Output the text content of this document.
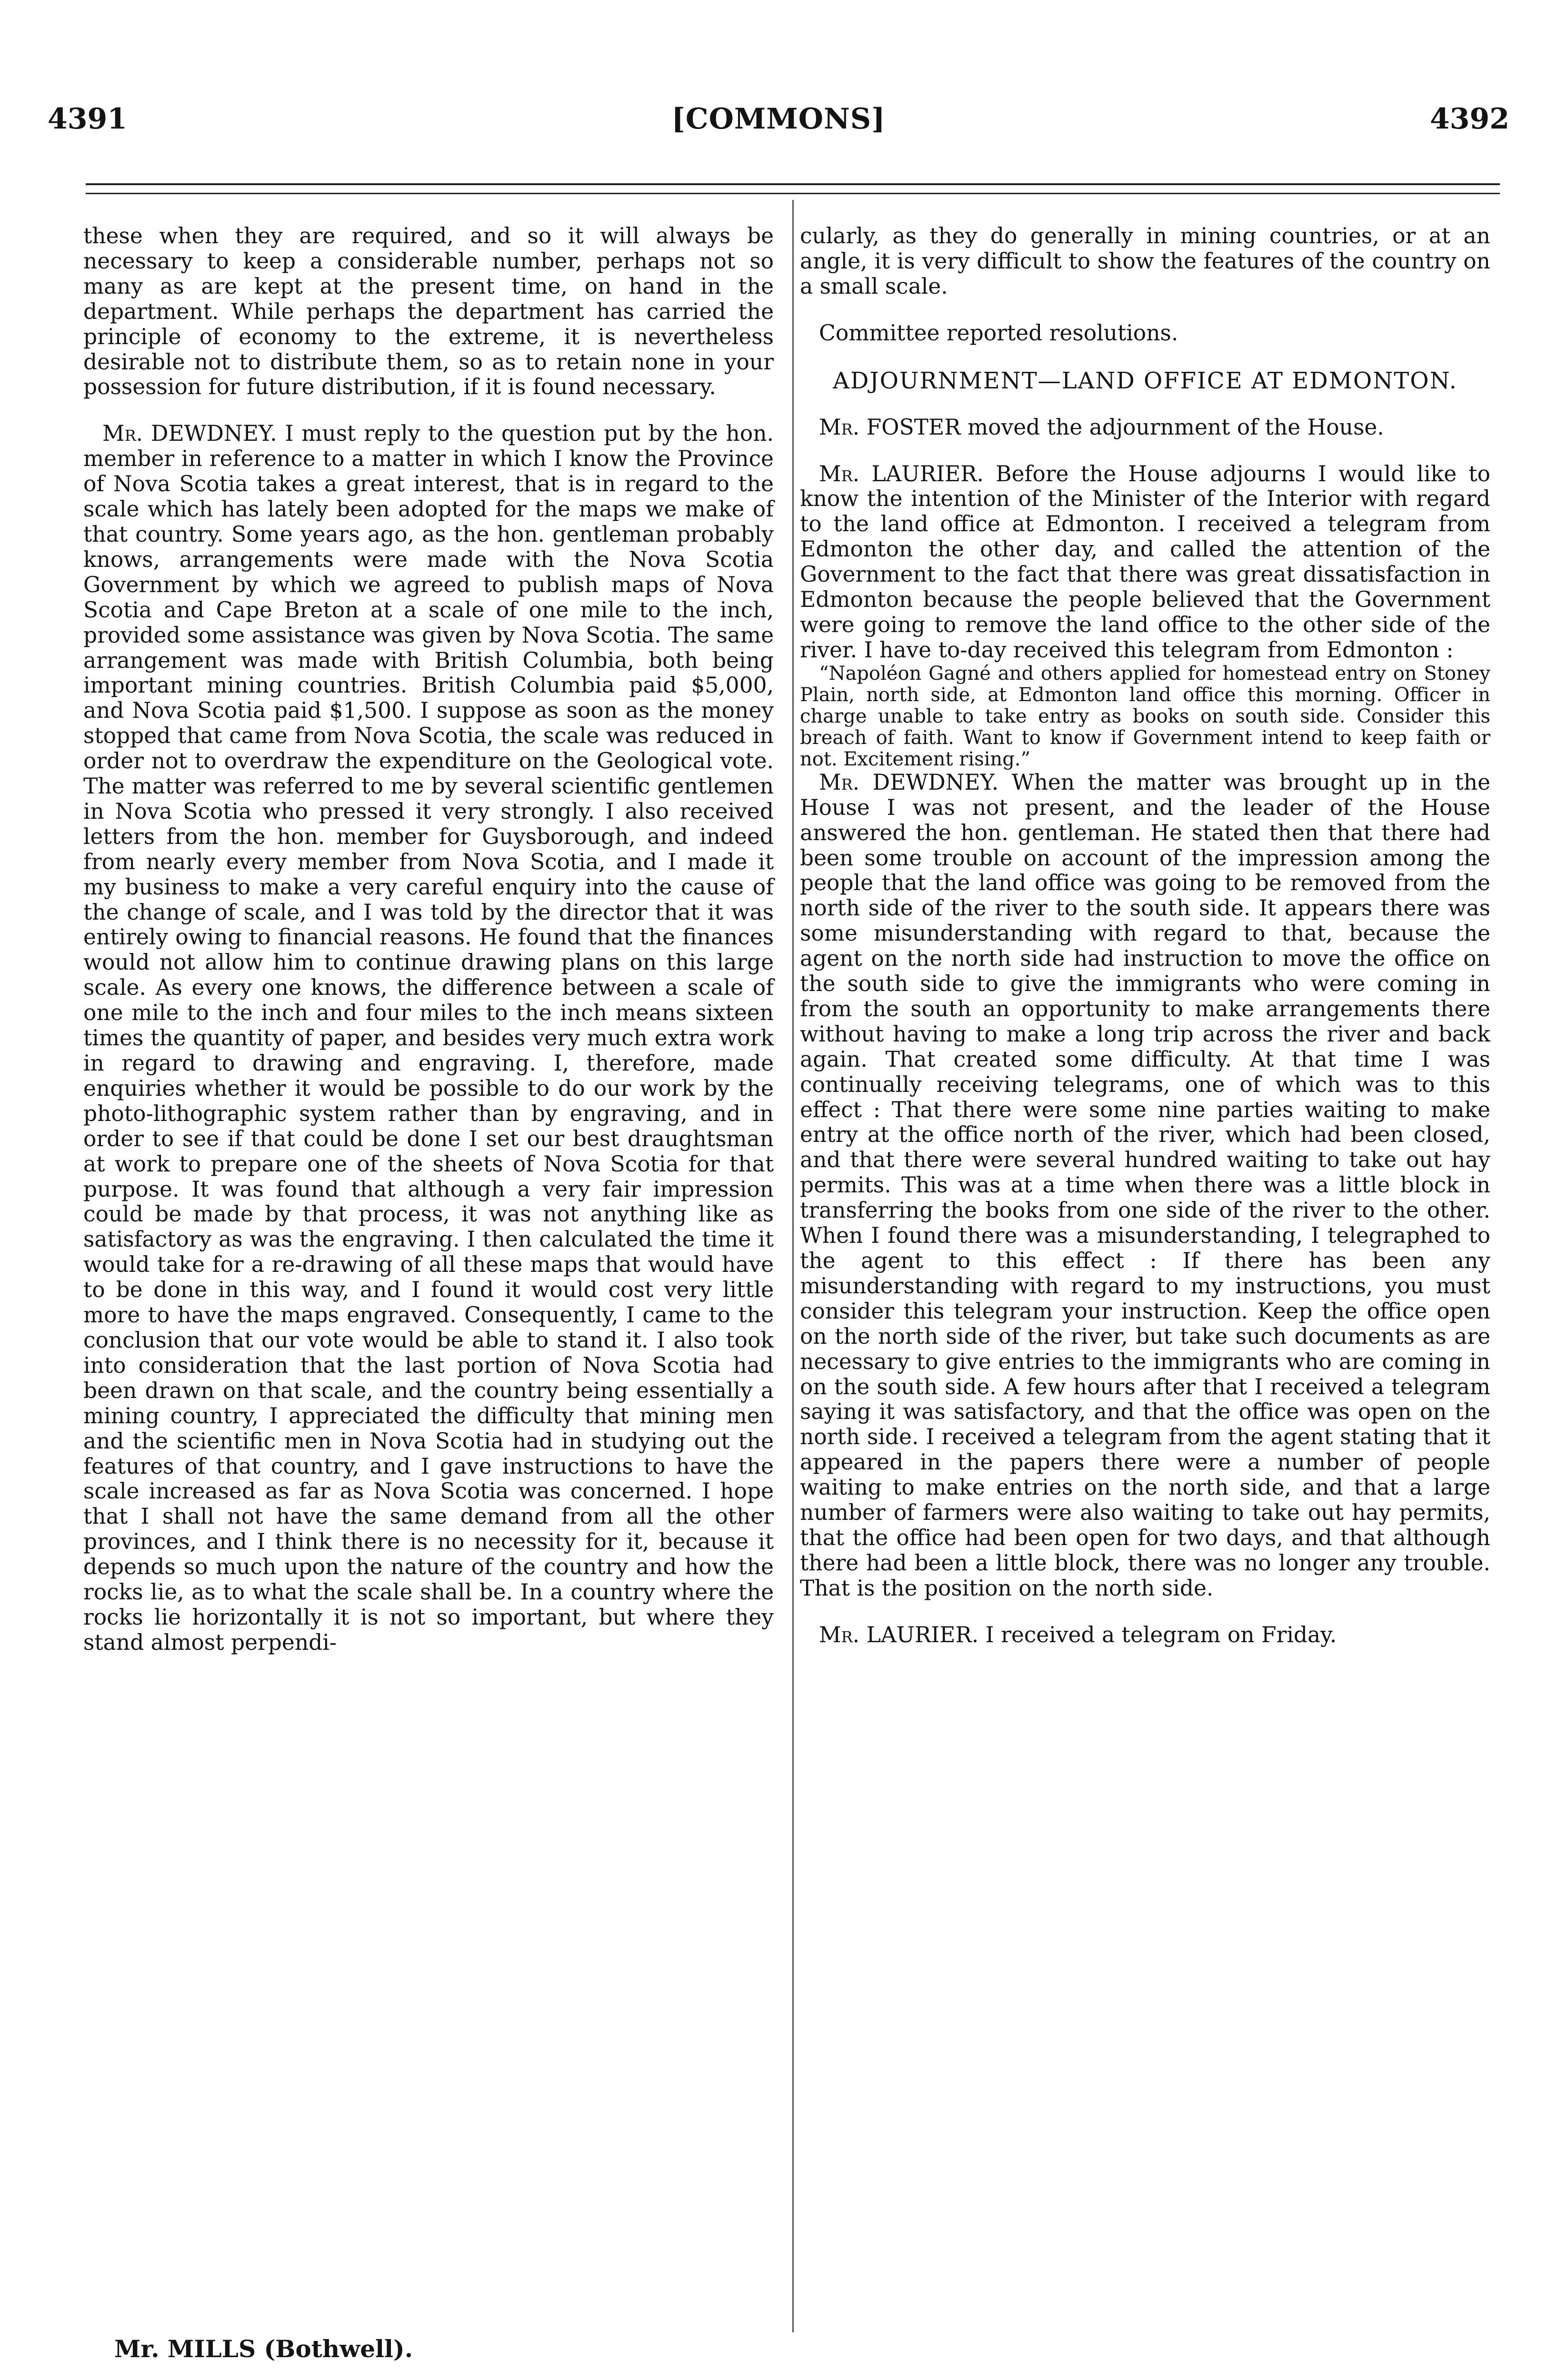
4391	[COMMONS]	4392

these when they are required, and so it will always be necessary to keep a considerable number, perhaps not so many as are kept at the present time, on hand in the department. While perhaps the department has carried the principle of economy to the extreme, it is nevertheless desirable not to distribute them, so as to retain none in your possession for future distribution, if it is found necessary.

Mr. DEWDNEY. I must reply to the question put by the hon. member in reference to a matter in which I know the Province of Nova Scotia takes a great interest, that is in regard to the scale which has lately been adopted for the maps we make of that country. Some years ago, as the hon. gentleman probably knows, arrangements were made with the Nova Scotia Government by which we agreed to publish maps of Nova Scotia and Cape Breton at a scale of one mile to the inch, provided some assistance was given by Nova Scotia. The same arrangement was made with British Columbia, both being important mining countries. British Columbia paid $5,000, and Nova Scotia paid $1,500. I suppose as soon as the money stopped that came from Nova Scotia, the scale was reduced in order not to overdraw the expenditure on the Geological vote. The matter was referred to me by several scientific gentlemen in Nova Scotia who pressed it very strongly. I also received letters from the hon. member for Guysborough, and indeed from nearly every member from Nova Scotia, and I made it my business to make a very careful enquiry into the cause of the change of scale, and I was told by the director that it was entirely owing to financial reasons. He found that the finances would not allow him to continue drawing plans on this large scale. As every one knows, the difference between a scale of one mile to the inch and four miles to the inch means sixteen times the quantity of paper, and besides very much extra work in regard to drawing and engraving. I, therefore, made enquiries whether it would be possible to do our work by the photo-lithographic system rather than by engraving, and in order to see if that could be done I set our best draughtsman at work to prepare one of the sheets of Nova Scotia for that purpose. It was found that although a very fair impression could be made by that process, it was not anything like as satisfactory as was the engraving. I then calculated the time it would take for a re-drawing of all these maps that would have to be done in this way, and I found it would cost very little more to have the maps engraved. Consequently, I came to the conclusion that our vote would be able to stand it. I also took into consideration that the last portion of Nova Scotia had been drawn on that scale, and the country being essentially a mining country, I appreciated the difficulty that mining men and the scientific men in Nova Scotia had in studying out the features of that country, and I gave instructions to have the scale increased as far as Nova Scotia was concerned. I hope that I shall not have the same demand from all the other provinces, and I think there is no necessity for it, because it depends so much upon the nature of the country and how the rocks lie, as to what the scale shall be. In a country where the rocks lie horizontally it is not so important, but where they stand almost perpendi-

cularly, as they do generally in mining countries, or at an angle, it is very difficult to show the features of the country on a small scale.

Committee reported resolutions.

ADJOURNMENT—LAND OFFICE AT EDMONTON.

Mr. FOSTER moved the adjournment of the House.

Mr. LAURIER. Before the House adjourns I would like to know the intention of the Minister of the Interior with regard to the land office at Edmonton. I received a telegram from Edmonton the other day, and called the attention of the Government to the fact that there was great dissatisfaction in Edmonton because the people believed that the Government were going to remove the land office to the other side of the river. I have to-day received this telegram from Edmonton :

“Napoléon Gagné and others applied for homestead entry on Stoney Plain, north side, at Edmonton land office this morning. Officer in charge unable to take entry as books on south side. Consider this breach of faith. Want to know if Government intend to keep faith or not. Excitement rising.”

Mr. DEWDNEY. When the matter was brought up in the House I was not present, and the leader of the House answered the hon. gentleman. He stated then that there had been some trouble on account of the impression among the people that the land office was going to be removed from the north side of the river to the south side. It appears there was some misunderstanding with regard to that, because the agent on the north side had instruction to move the office on the south side to give the immigrants who were coming in from the south an opportunity to make arrangements there without having to make a long trip across the river and back again. That created some difficulty. At that time I was continually receiving telegrams, one of which was to this effect : That there were some nine parties waiting to make entry at the office north of the river, which had been closed, and that there were several hundred waiting to take out hay permits. This was at a time when there was a little block in transferring the books from one side of the river to the other. When I found there was a misunderstanding, I telegraphed to the agent to this effect : If there has been any misunderstanding with regard to my instructions, you must consider this telegram your instruction. Keep the office open on the north side of the river, but take such documents as are necessary to give entries to the immigrants who are coming in on the south side. A few hours after that I received a telegram saying it was satisfactory, and that the office was open on the north side. I received a telegram from the agent stating that it appeared in the papers there were a number of people waiting to make entries on the north side, and that a large number of farmers were also waiting to take out hay permits, that the office had been open for two days, and that although there had been a little block, there was no longer any trouble. That is the position on the north side.

Mr. LAURIER. I received a telegram on Friday.

Mr. MILLS (Bothwell).
